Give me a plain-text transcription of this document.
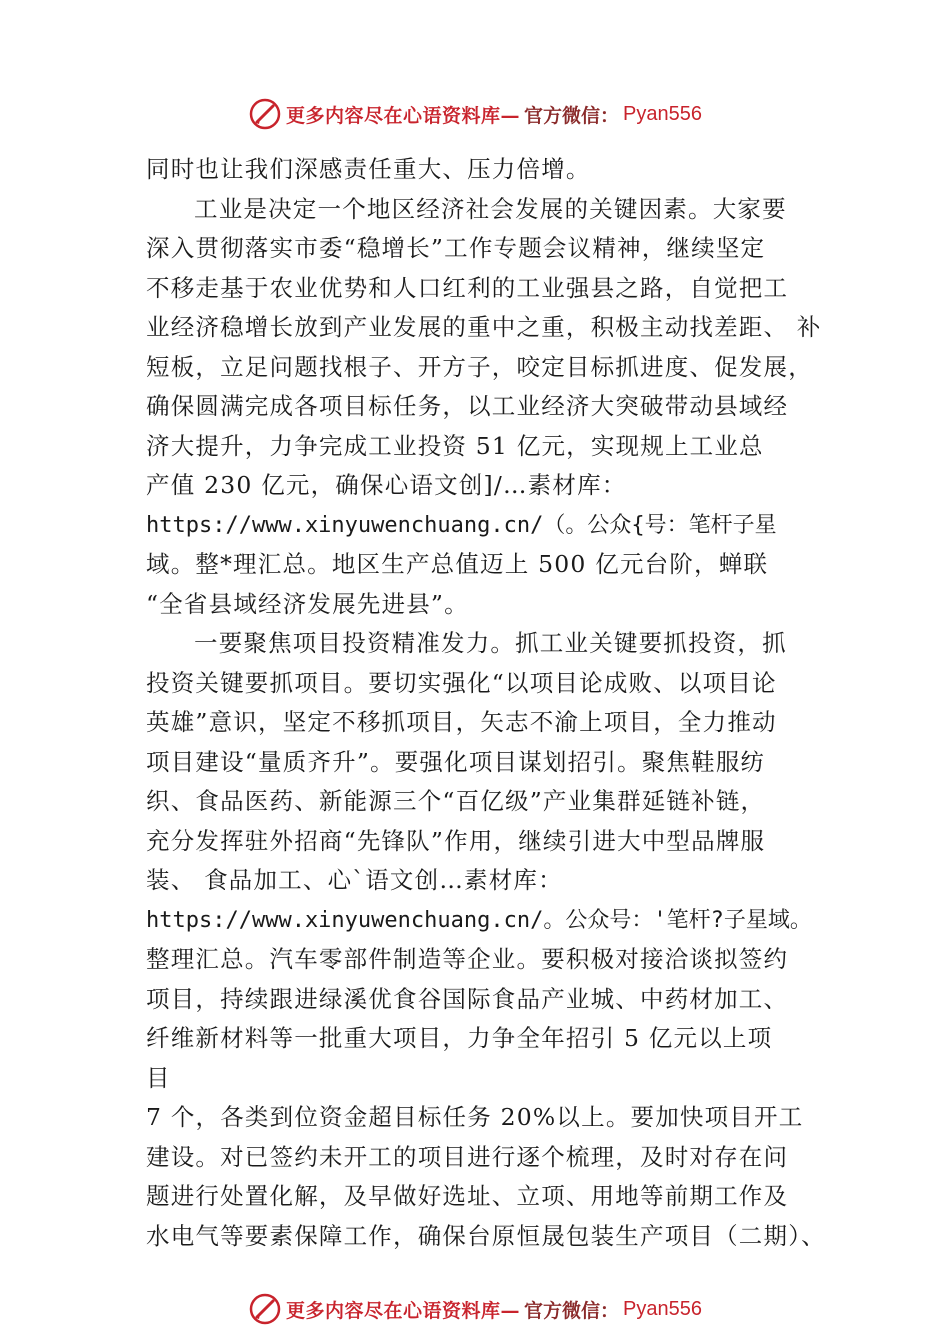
更多内容尽在心语资料库— 官方微信： Pyan556
同时也让我们深感责任重大、压力倍增。
工业是决定一个地区经济社会发展的关键因素。大家要
深入贯彻落实市委“稳增长”工作专题会议精神，继续坚定
不移走基于农业优势和人口红利的工业强县之路，自觉把工
业经济稳增长放到产业发展的重中之重，积极主动找差距、 补
短板，立足问题找根子、开方子，咬定目标抓进度、促发展，
确保圆满完成各项目标任务，以工业经济大突破带动县域经
济大提升，力争完成工业投资 51 亿元，实现规上工业总
产值 230 亿元，确保心语文创]/…素材库：
https://www.xinyuwenchuang.cn/（。公众{号：笔杆子星
域。整*理汇总。地区生产总值迈上 500 亿元台阶，蝉联
“全省县域经济发展先进县”。
一要聚焦项目投资精准发力。抓工业关键要抓投资，抓
投资关键要抓项目。要切实强化“以项目论成败、以项目论
英雄”意识，坚定不移抓项目，矢志不渝上项目，全力推动
项目建设“量质齐升”。要强化项目谋划招引。聚焦鞋服纺
织、食品医药、新能源三个“百亿级”产业集群延链补链，
充分发挥驻外招商“先锋队”作用，继续引进大中型品牌服
装、 食品加工、心`语文创…素材库：
https://www.xinyuwenchuang.cn/。公众号：'笔杆?子星域。
整理汇总。汽车零部件制造等企业。要积极对接洽谈拟签约
项目，持续跟进绿溪优食谷国际食品产业城、中药材加工、
纤维新材料等一批重大项目，力争全年招引 5 亿元以上项
目
7 个，各类到位资金超目标任务 20%以上。要加快项目开工
建设。对已签约未开工的项目进行逐个梳理，及时对存在问
题进行处置化解，及早做好选址、立项、用地等前期工作及
水电气等要素保障工作，确保台原恒晟包装生产项目（二期）、
更多内容尽在心语资料库— 官方微信： Pyan556
